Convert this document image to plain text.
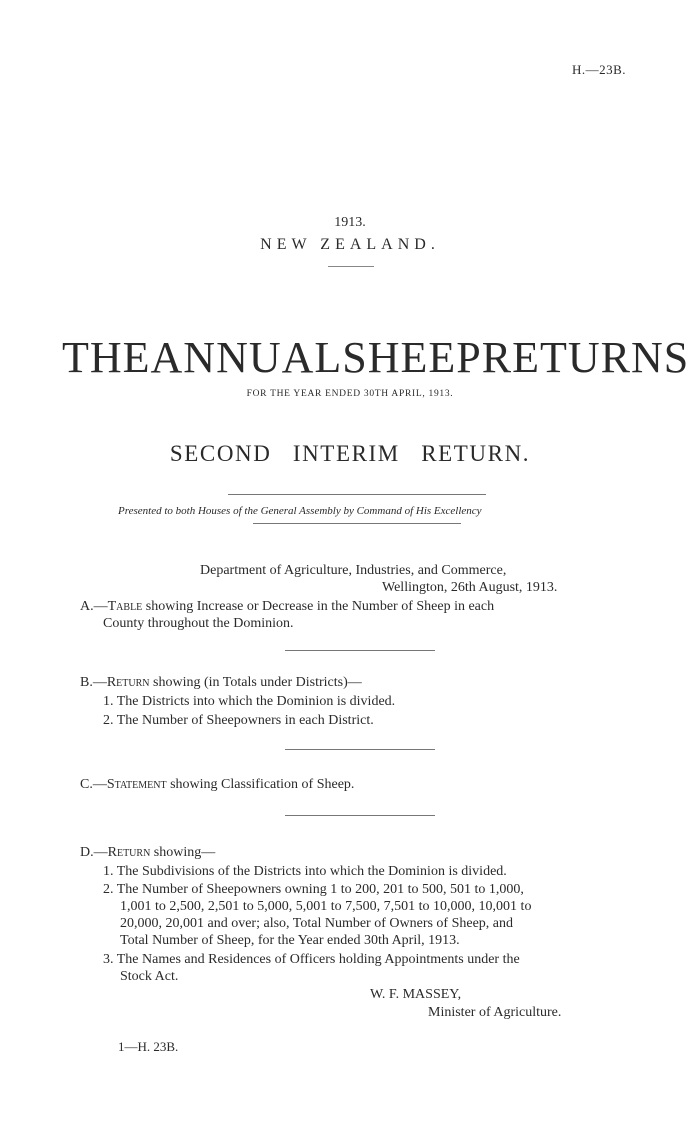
H.—23B.
1913.
NEW ZEALAND.
THE ANNUAL SHEEP RETURNS
FOR THE YEAR ENDED 30TH APRIL, 1913.
SECOND INTERIM RETURN.
Presented to both Houses of the General Assembly by Command of His Excellency
Department of Agriculture, Industries, and Commerce,
Wellington, 26th August, 1913.
A.—Table showing Increase or Decrease in the Number of Sheep in each
County throughout the Dominion.
B.—Return showing (in Totals under Districts)—
1. The Districts into which the Dominion is divided.
2. The Number of Sheepowners in each District.
C.—Statement showing Classification of Sheep.
D.—Return showing—
1. The Subdivisions of the Districts into which the Dominion is divided.
2. The Number of Sheepowners owning 1 to 200, 201 to 500, 501 to 1,000,
1,001 to 2,500, 2,501 to 5,000, 5,001 to 7,500, 7,501 to 10,000, 10,001 to
20,000, 20,001 and over; also, Total Number of Owners of Sheep, and
Total Number of Sheep, for the Year ended 30th April, 1913.
3. The Names and Residences of Officers holding Appointments under the
Stock Act.
W. F. MASSEY,
Minister of Agriculture.
1—H. 23B.
